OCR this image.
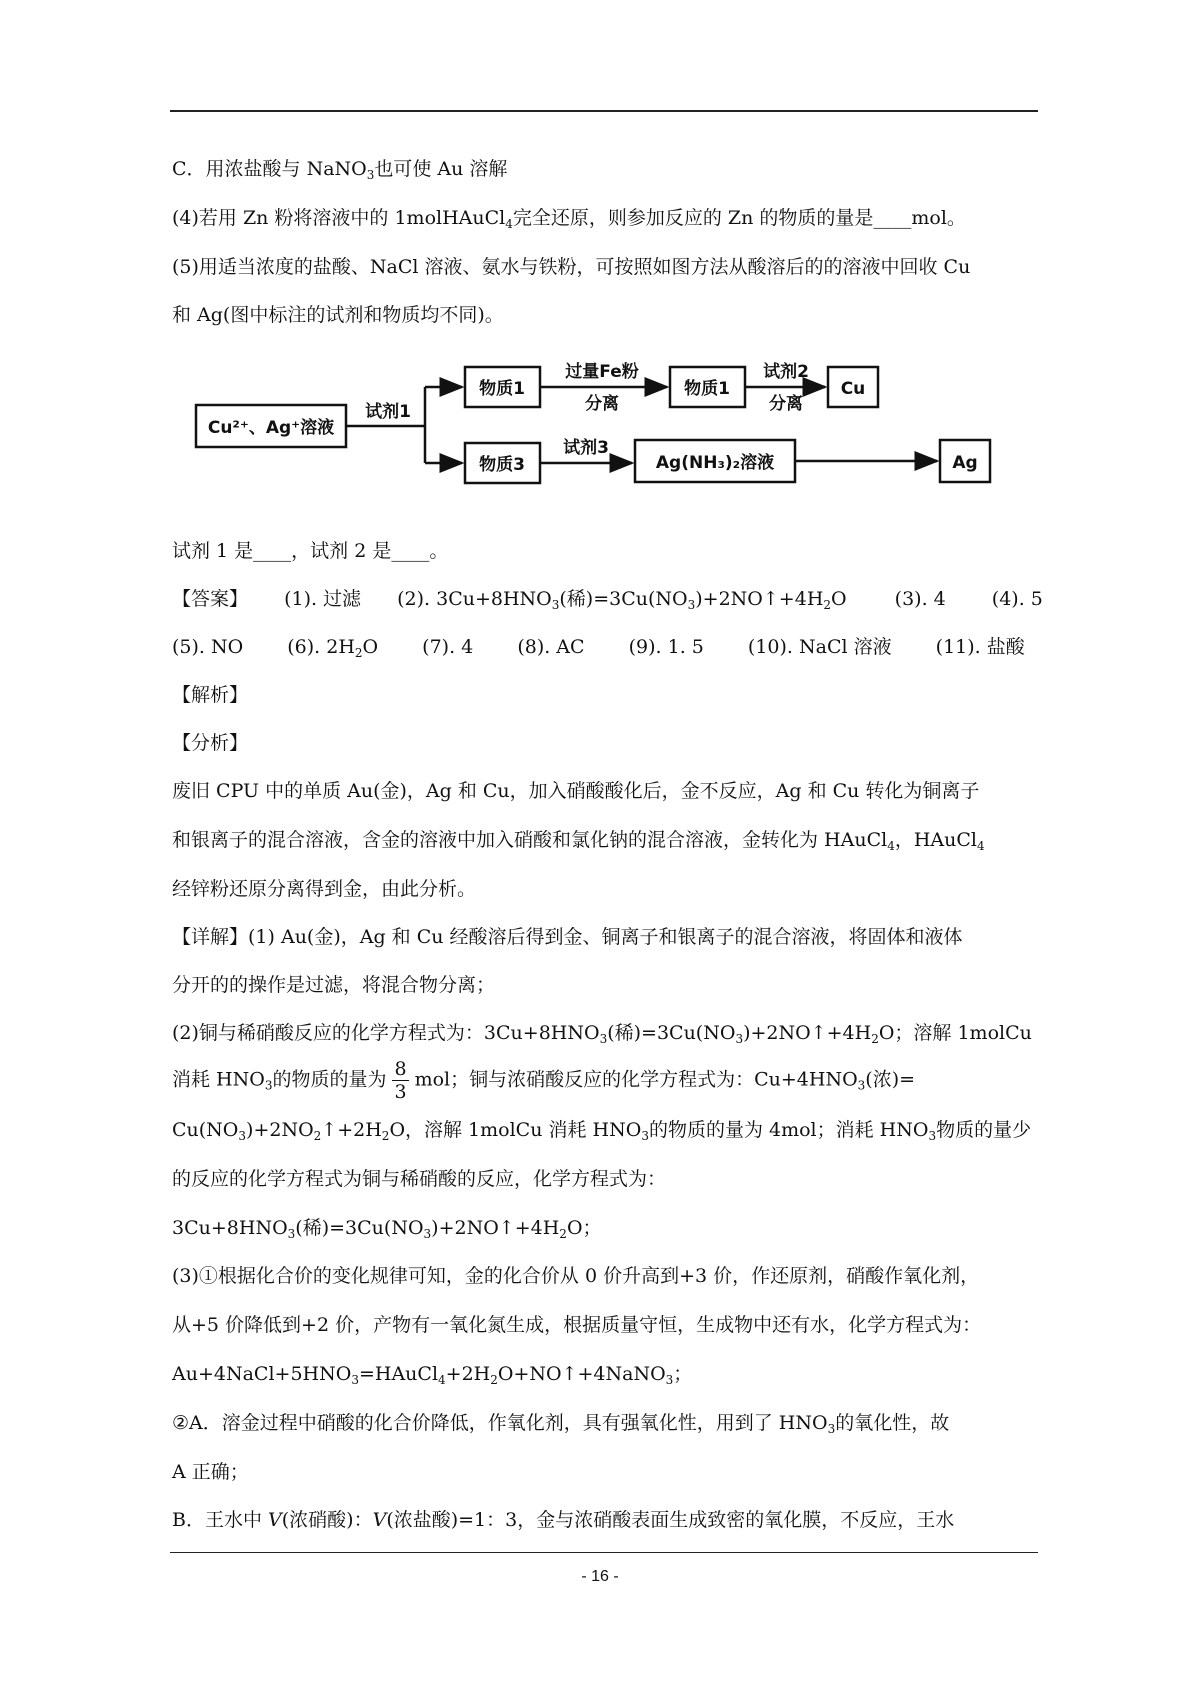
C．用浓盐酸与 NaNO$_3$也可使 Au 溶解
(4)若用 Zn 粉将溶液中的 1molHAuCl$_4$完全还原，则参加反应的 Zn 的物质的量是____mol。
(5)用适当浓度的盐酸、NaCl 溶液、氨水与铁粉，可按照如图方法从酸溶后的的溶液中回收 Cu
和 Ag(图中标注的试剂和物质均不同)。
Cu²⁺、Ag⁺溶液
试剂1
物质1
过量Fe粉
分离
物质1
试剂2
分离
Cu
物质3
试剂3
Ag(NH₃)₂溶液	Ag
试剂 1 是____，试剂 2 是____。
【答案】 (1). 过滤 (2). $3Cu+8HNO_3$(稀)$=3Cu(NO_3)+2NO↑+4H_2O$	(3). 4 (4). 5
(5). NO (6). $2H_2O$ (7). 4 (8). AC (9). 1. 5 (10). NaCl 溶液 (11). 盐酸
【解析】
【分析】
废旧 CPU 中的单质 Au(金)，Ag 和 Cu，加入硝酸酸化后，金不反应，Ag 和 Cu 转化为铜离子
和银离子的混合溶液，含金的溶液中加入硝酸和氯化钠的混合溶液，金转化为 HAuCl$_4$，HAuCl$_4$
经锌粉还原分离得到金，由此分析。
【详解】(1) Au(金)，Ag 和 Cu 经酸溶后得到金、铜离子和银离子的混合溶液，将固体和液体
分开的的操作是过滤，将混合物分离；
(2)铜与稀硝酸反应的化学方程式为：$3Cu+8HNO_3$(稀)$=3Cu(NO_3)+2NO↑+4H_2O$；溶解 1molCu
消耗 $HNO_3$的物质的量为 $\frac{8}{3}$ mol；铜与浓硝酸反应的化学方程式为：$Cu+4HNO_3$(浓)=
$Cu(NO_3)+2NO_2↑+2H_2O$，溶解 1molCu 消耗 $HNO_3$的物质的量为 4mol；消耗 $HNO_3$物质的量少
的反应的化学方程式为铜与稀硝酸的反应，化学方程式为：
$3Cu+8HNO_3$(稀)$=3Cu(NO_3)+2NO↑+4H_2O$；
(3)①根据化合价的变化规律可知，金的化合价从 0 价升高到+3 价，作还原剂，硝酸作氧化剂，
从+5 价降低到+2 价，产物有一氧化氮生成，根据质量守恒，生成物中还有水，化学方程式为：
$Au+4NaCl+5HNO_3=HAuCl_4+2H_2O+NO↑+4NaNO_3$；
②A．溶金过程中硝酸的化合价降低，作氧化剂，具有强氧化性，用到了 $HNO_3$的氧化性，故
A 正确；
B．王水中 V(浓硝酸)：V(浓盐酸)=1：3，金与浓硝酸表面生成致密的氧化膜，不反应，王水
- 16 -
